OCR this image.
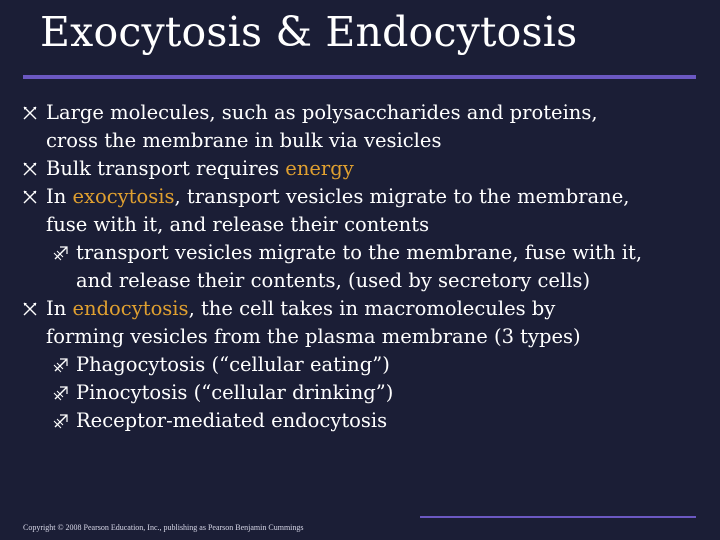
Exocytosis & Endocytosis
Large molecules, such as polysaccharides and proteins,
cross the membrane in bulk via vesicles
Bulk transport requires energy
In exocytosis, transport vesicles migrate to the membrane,
fuse with it, and release their contents
transport vesicles migrate to the membrane, fuse with it,
and release their contents, (used by secretory cells)
In endocytosis, the cell takes in macromolecules by
forming vesicles from the plasma membrane (3 types)
Phagocytosis (“cellular eating”)
Pinocytosis (“cellular drinking”)
Receptor-mediated endocytosis
Copyright © 2008 Pearson Education, Inc., publishing as Pearson Benjamin Cummings
